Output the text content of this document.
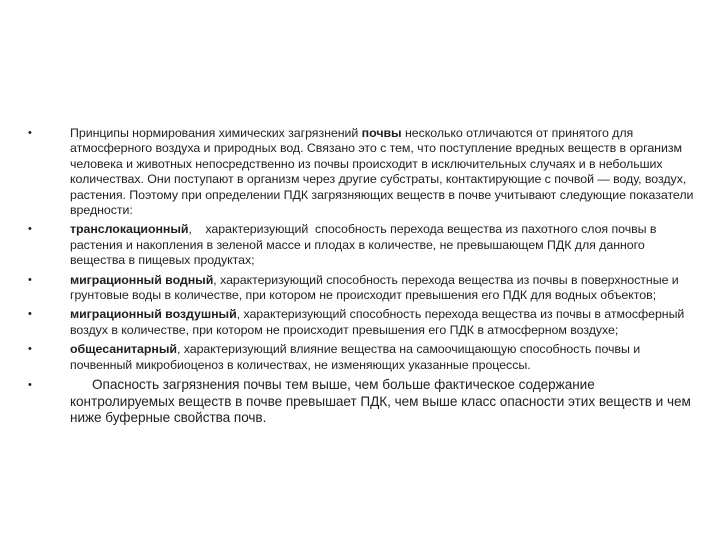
•	Принципы нормирования химических загрязнений почвы несколько отличаются от принятого для атмосферного воздуха и природных вод. Связано это с тем, что поступление вредных веществ в организм человека и животных непосредственно из почвы происходит в исключительных случаях и в небольших количествах. Они поступают в организм через другие субстраты, контактирующие с почвой — воду, воздух, растения. Поэтому при определении ПДК загрязняющих веществ в почве учитывают следующие показатели вредности:
•	транслокационный,    характеризующий  способность перехода вещества из пахотного слоя почвы в растения и накопления в зеленой массе и плодах в количестве, не превышающем ПДК для данного вещества в пищевых продуктах;
•	миграционный водный, характеризующий способность перехода вещества из почвы в поверхностные и грунтовые воды в количестве, при котором не происходит превышения его ПДК для водных объектов;
•	миграционный воздушный, характеризующий способность перехода вещества из почвы в атмосферный воздух в количестве, при котором не происходит превышения его ПДК в атмосферном воздухе;
•	общесанитарный, характеризующий влияние вещества на самоочищающую способность почвы и почвенный микробиоценоз в количествах, не изменяющих указанные процессы.
•	Опасность загрязнения почвы тем выше, чем больше фактическое содержание контролируемых веществ в почве превышает ПДК, чем выше класс опасности этих веществ и чем ниже буферные свойства почв.
